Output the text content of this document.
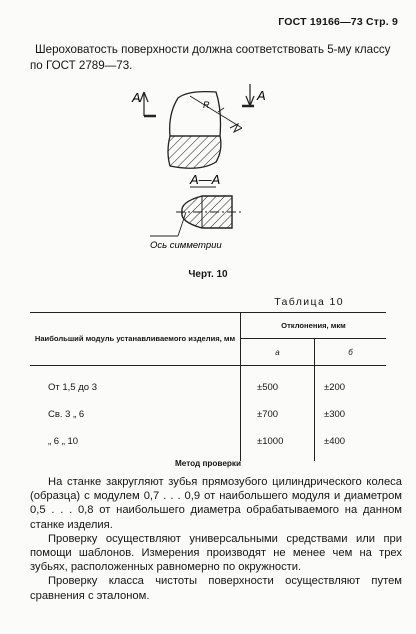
ГОСТ 19166—73 Стр. 9
Шероховатость поверхности должна соответствовать 5-му классу по ГОСТ 2789—73.
A	A
R
А—А
Ось симметрии
Черт. 10
Таблица 10
Наибольший модуль устанавливаемого изделия, мм	Отклонения, мкм	
	а	б
От 1,5 до 3	±500	±200
Св. 3 „ 6	±700	±300
„ 6 „ 10	±1000	±400
Метод проверки

На станке закругляют зубья прямозубого цилиндрического колеса (образца) с модулем 0,7 . . . 0,9 от наибольшего модуля и диаметром 0,5 . . . 0,8 от наибольшего диаметра обрабатываемого на данном станке изделия.

Проверку осуществляют универсальными средствами или при помощи шаблонов. Измерения производят не менее чем на трех зубьях, расположенных равномерно по окружности.

Проверку класса чистоты поверхности осуществляют путем сравнения с эталоном.
